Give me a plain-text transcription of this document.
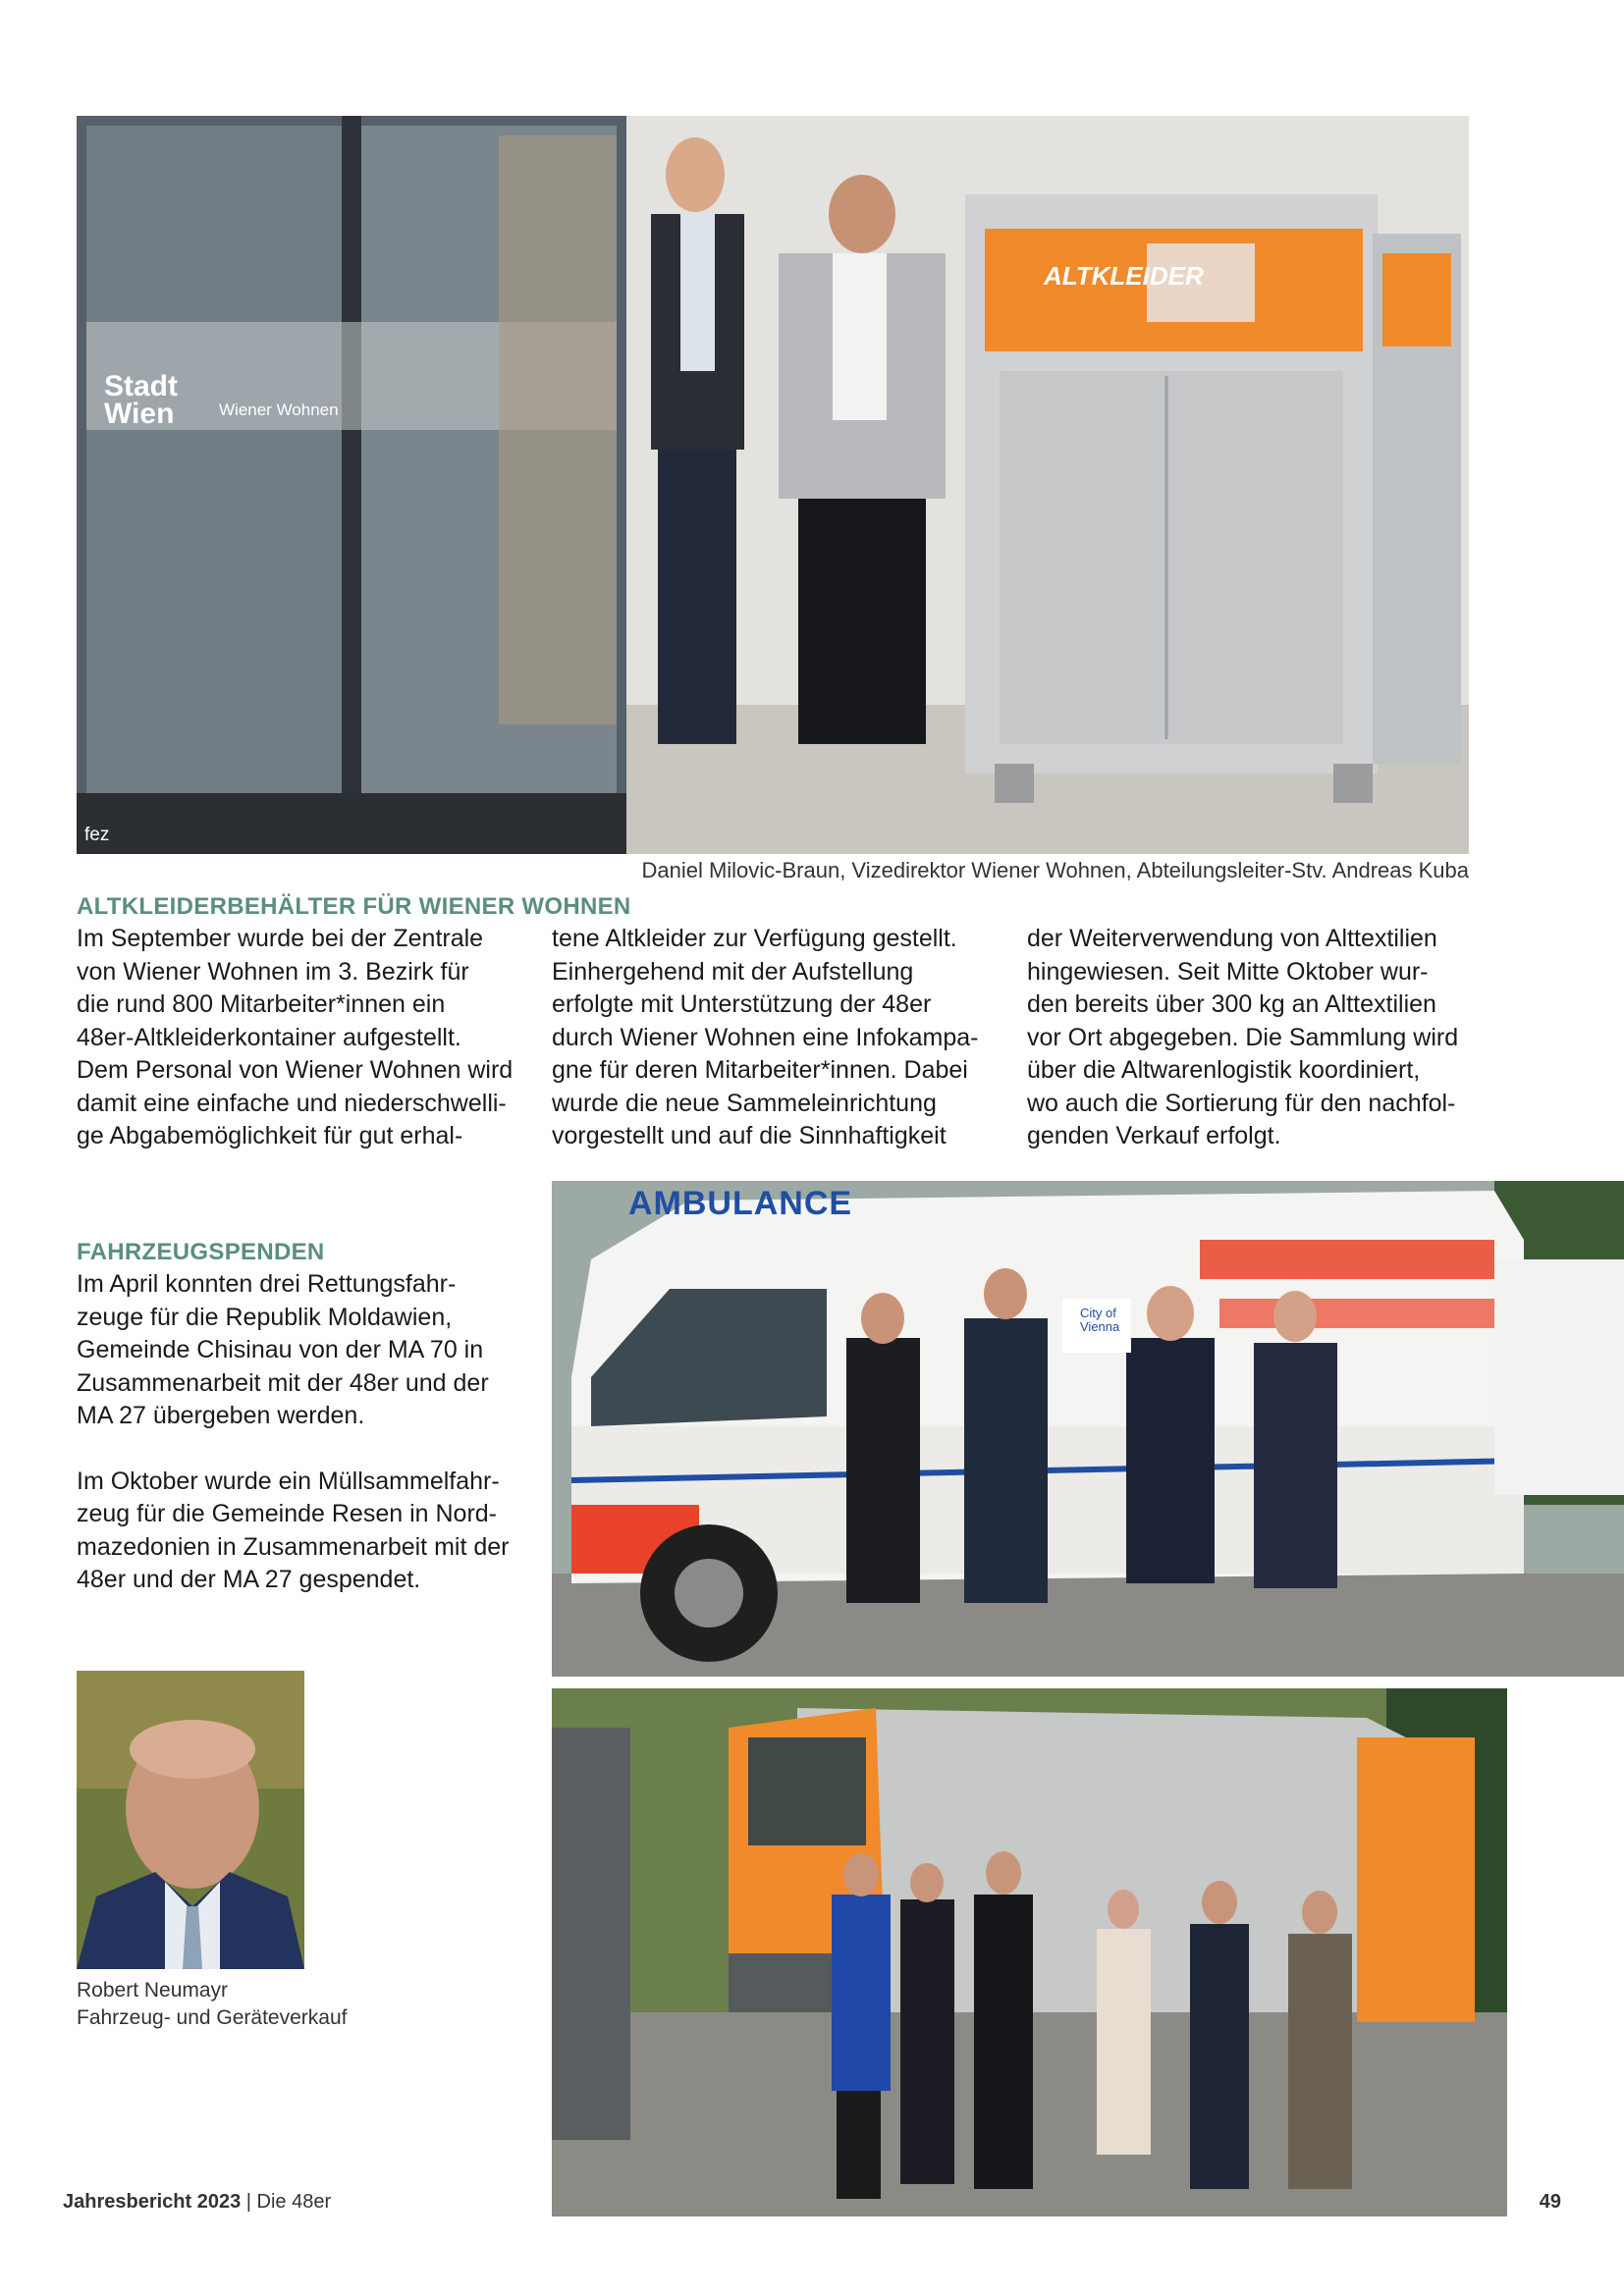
Stadt
Wien	Wiener Wohnen
ALTKLEIDER
fez
Daniel Milovic-Braun, Vizedirektor Wiener Wohnen, Abteilungsleiter-Stv. Andreas Kuba
ALTKLEIDERBEHÄLTER FÜR WIENER WOHNEN

Im September wurde bei der Zentrale
von Wiener Wohnen im 3. Bezirk für
die rund 800 Mitarbeiter*innen ein
48er-Altkleiderkontainer aufgestellt.
Dem Personal von Wiener Wohnen wird
damit eine einfache und niederschwelli-
ge Abgabemöglichkeit für gut erhal-

tene Altkleider zur Verfügung gestellt.
Einhergehend mit der Aufstellung
erfolgte mit Unterstützung der 48er
durch Wiener Wohnen eine Infokampa-
gne für deren Mitarbeiter*innen. Dabei
wurde die neue Sammeleinrichtung
vorgestellt und auf die Sinnhaftigkeit

der Weiterverwendung von Alttextilien
hingewiesen. Seit Mitte Oktober wur-
den bereits über 300 kg an Alttextilien
vor Ort abgegeben. Die Sammlung wird
über die Altwarenlogistik koordiniert,
wo auch die Sortierung für den nachfol-
genden Verkauf erfolgt.

FAHRZEUGSPENDEN

Im April konnten drei Rettungsfahr-
zeuge für die Republik Moldawien,
Gemeinde Chisinau von der MA 70 in
Zusammenarbeit mit der 48er und der
MA 27 übergeben werden.

Im Oktober wurde ein Müllsammelfahr-
zeug für die Gemeinde Resen in Nord-
mazedonien in Zusammenarbeit mit der
48er und der MA 27 gespendet.

AMBULANCE
City of
Vienna
Robert Neumayr
Fahrzeug- und Geräteverkauf
Jahresbericht 2023 | Die 48er	49
